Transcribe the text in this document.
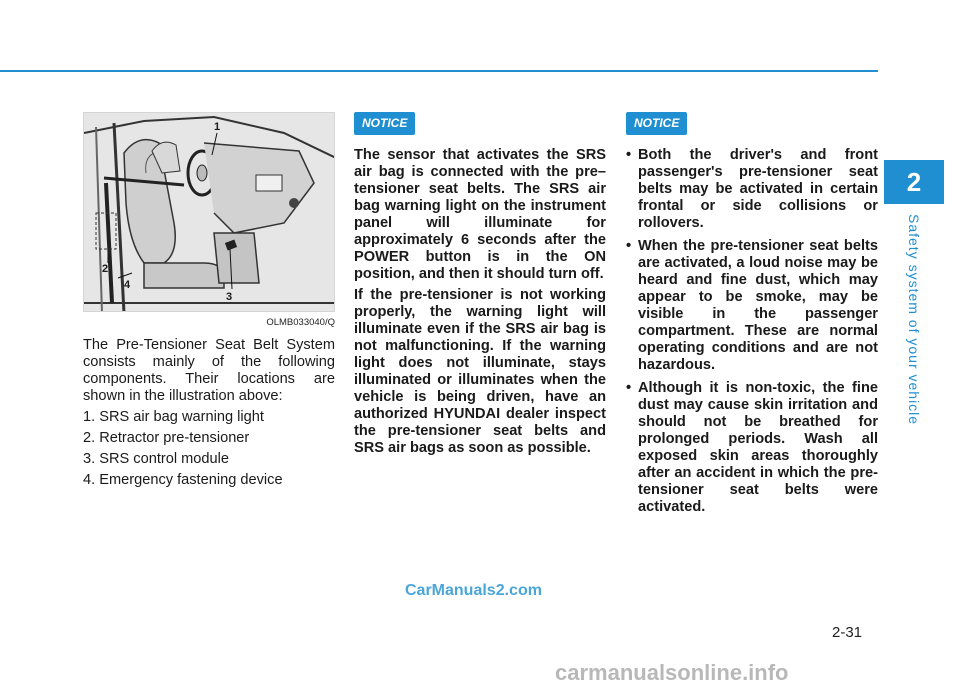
2
Safety system of your vehicle
1
2
3
4
OLMB033040/Q

The Pre-Tensioner Seat Belt System consists mainly of the following components. Their locations are shown in the illustration above:

1. SRS air bag warning light
2. Retractor pre-tensioner
3. SRS control module
4. Emergency fastening device
NOTICE

The sensor that activates the SRS air bag is connected with the pre–tensioner seat belts. The SRS air bag warning light on the instrument panel will illuminate for approximately 6 seconds after the POWER button is in the ON position, and then it should turn off.

If the pre-tensioner is not working properly, the warning light will illuminate even if the SRS air bag is not malfunctioning. If the warning light does not illuminate, stays illuminated or illuminates when the vehicle is being driven, have an authorized HYUNDAI dealer inspect the pre-tensioner seat belts and SRS air bags as soon as possible.

NOTICE
• Both the driver's and front passenger's pre-tensioner seat belts may be activated in certain frontal or side collisions or rollovers.
• When the pre-tensioner seat belts are activated, a loud noise may be heard and fine dust, which may appear to be smoke, may be visible in the passenger compartment. These are normal operating conditions and are not hazardous.
• Although it is non-toxic, the fine dust may cause skin irritation and should not be breathed for prolonged periods. Wash all exposed skin areas thoroughly after an accident in which the pre-tensioner seat belts were activated.
2-31
CarManuals2.com
carmanualsonline.info
